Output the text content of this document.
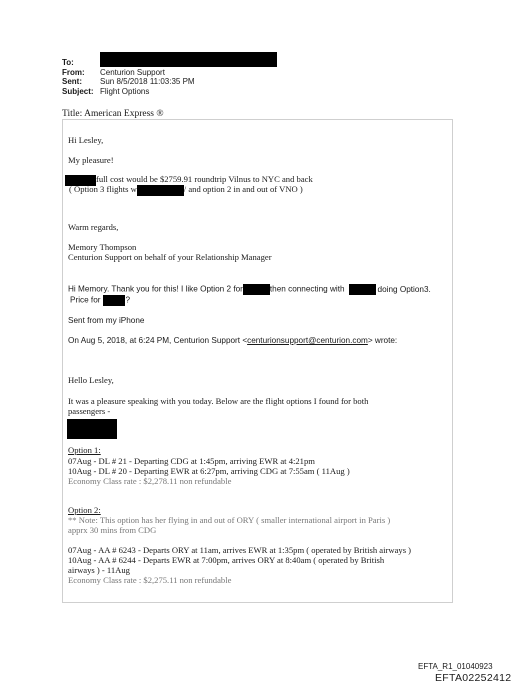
To:
From:	Centurion Support
Sent:	Sun 8/5/2018 11:03:35 PM
Subject: Flight Options
Title: American Express ®
Hi Lesley,
My pleasure!
full cost would be $2759.91 roundtrip Vilnus to NYC and back
( Option 3 flights w	/ and option 2 in and out of VNO )
Warm regards,
Memory Thompson
Centurion Support on behalf of your Relationship Manager
Hi Memory. Thank you for this! I like Option 2 for	then connecting with	doing Option3.
Price for	?
Sent from my iPhone
On Aug 5, 2018, at 6:24 PM, Centurion Support <centurionsupport@centurion.com> wrote:
Hello Lesley,
It was a pleasure speaking with you today. Below are the flight options I found for both
passengers -
Option 1:
07Aug - DL # 21 - Departing CDG at 1:45pm, arriving EWR at 4:21pm
10Aug - DL # 20 - Departing EWR at 6:27pm, arriving CDG at 7:55am ( 11Aug )
Economy Class rate : $2,278.11 non refundable
Option 2:
** Note: This option has her flying in and out of ORY ( smaller international airport in Paris )
apprx 30 mins from CDG
07Aug - AA # 6243 - Departs ORY at 11am, arrives EWR at 1:35pm ( operated by British airways )
10Aug - AA # 6244 - Departs EWR at 7:00pm, arrives ORY at 8:40am ( operated by British
airways ) - 11Aug
Economy Class rate : $2,275.11 non refundable
EFTA_R1_01040923
EFTA02252412
